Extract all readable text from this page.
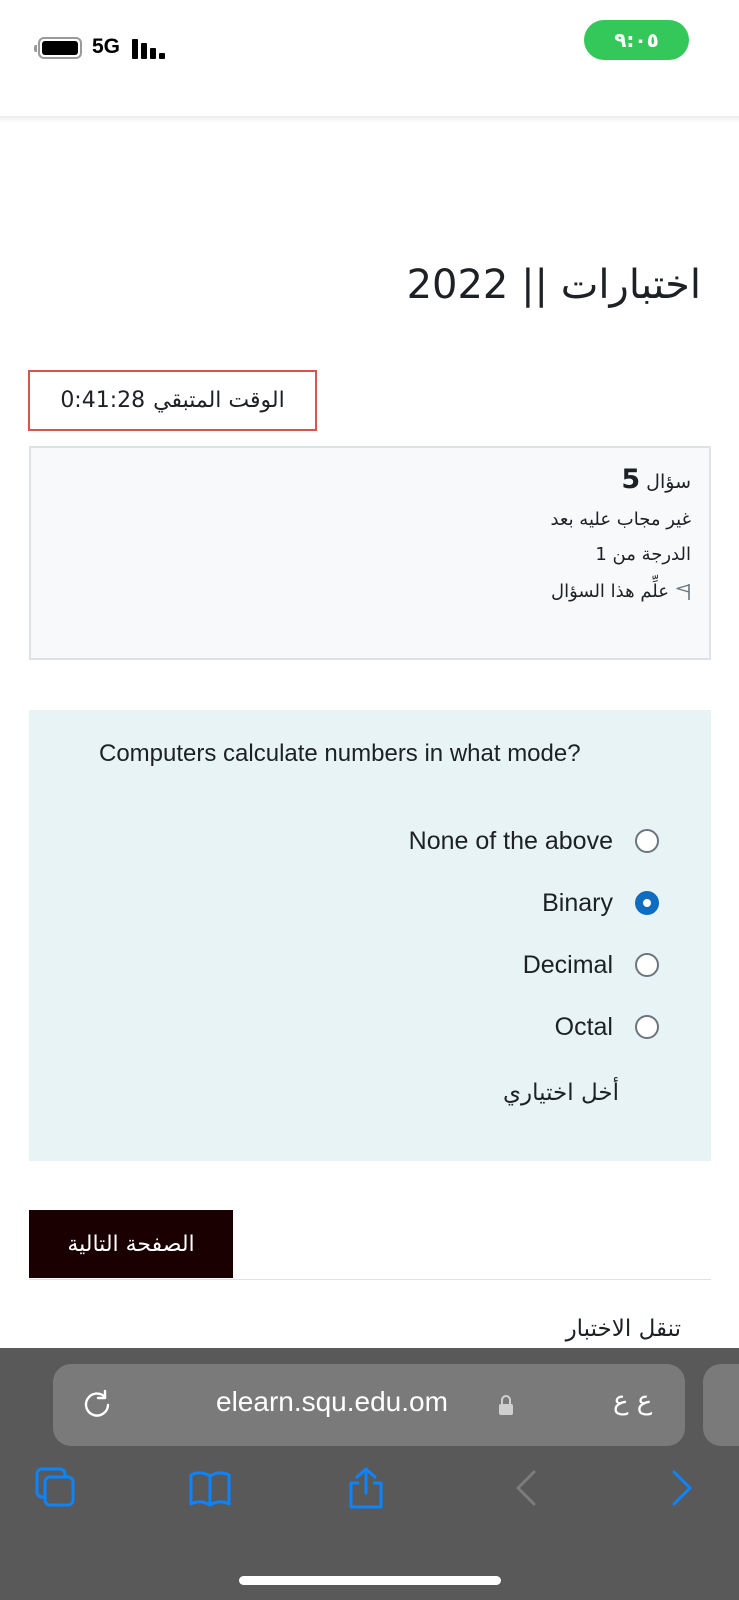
5G	٩:٠٥
اختبارات || 2022
الوقت المتبقي
0:41:28
سؤال5
غير مجاب عليه بعد
الدرجة من 1
علِّم هذا السؤال
Computers calculate numbers in what mode?
None of the above
Binary
Decimal
Octal
أخل اختياري
الصفحة التالية
تنقل الاختبار
elearn.squ.edu.om	ع ع
